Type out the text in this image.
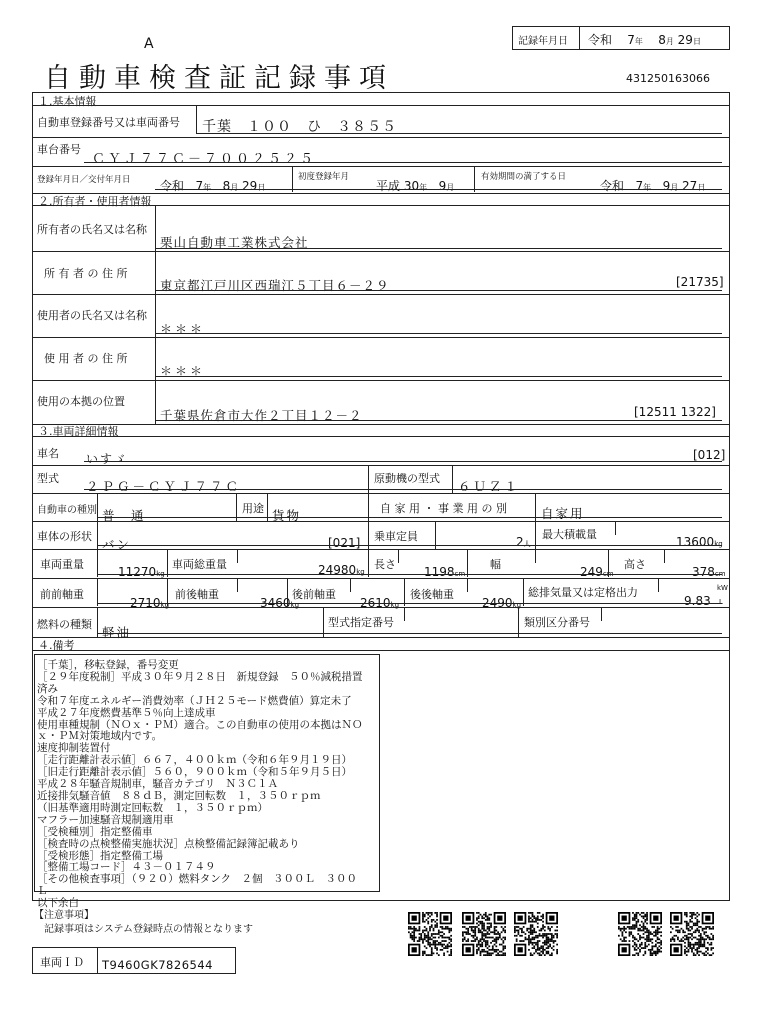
A
自動車検査証記録事項
記録年月日 令和 7年 8月 29日
431250163066
１.基本情報
自動車登録番号又は車両番号 千葉　１００　ひ　３８５５
車台番号
ＣＹＪ７７Ｃ－７００２５２５
登録年月日／交付年月日 令和 7年 8月 29日
初度登録年月
平成 30年 9月
有効期間の満了する日
令和 7年 9月 27日
２.所有者・使用者情報
所有者の氏名又は名称
栗山自動車工業株式会社
所 有 者 の 住 所
東京都江戸川区西瑞江５丁目６－２９	[21735]
使用者の氏名又は名称
＊＊＊
使 用 者 の 住 所
＊＊＊
使用の本拠の位置
千葉県佐倉市大作２丁目１２－２	[12511 1322]
３.車両詳細情報
車名 いすゞ	[012]
型式
２ＰＧ－ＣＹＪ７７Ｃ
原動機の型式
６ＵＺ１
自動車の種別 普　通	用途 貨物	自 家 用 ・ 事 業 用 の 別	自家用
車体の形状
バン	[021] 乗車定員	2人
最大積載量
13600kg
車両重量
11270kg
車両総重量	24980kg
長さ
1198cm
幅
249cm
高さ
378cm
前前軸重
2710kg
前後軸重
3460kg
後前軸重
2610kg
後後軸重
2490kg
総排気量又は定格出力
9.83
kW
L
燃料の種類
軽油
型式指定番号	類別区分番号
４.備考
［千葉］，移転登録，番号変更
［２９年度税制］平成３０年９月２８日　新規登録　５０％減税措置
済み
令和７年度エネルギー消費効率（ＪＨ２５モード燃費値）算定未了
平成２７年度燃費基準５％向上達成車
使用車種規制（ＮＯｘ・ＰＭ）適合。この自動車の使用の本拠はＮＯ
ｘ・ＰＭ対策地域内です。
速度抑制装置付
［走行距離計表示値］６６７，４００ｋｍ（令和６年９月１９日）
［旧走行距離計表示値］５６０，９００ｋｍ（令和５年９月５日）
平成２８年騒音規制車，騒音カテゴリ　Ｎ３Ｃ１Ａ
近接排気騒音値　８８ｄＢ，測定回転数　１，３５０ｒｐｍ
（旧基準適用時測定回転数　１，３５０ｒｐｍ）
マフラー加速騒音規制適用車
［受検種別］指定整備車
［検査時の点検整備実施状況］点検整備記録簿記載あり
［受検形態］指定整備工場
［整備工場コード］４３－０１７４９
［その他検査事項］（９２０）燃料タンク　２個　３００Ｌ　３００
Ｌ
以下余白
【注意事項】
記録事項はシステム登録時点の情報となります
車両ＩＤ T9460GK7826544
